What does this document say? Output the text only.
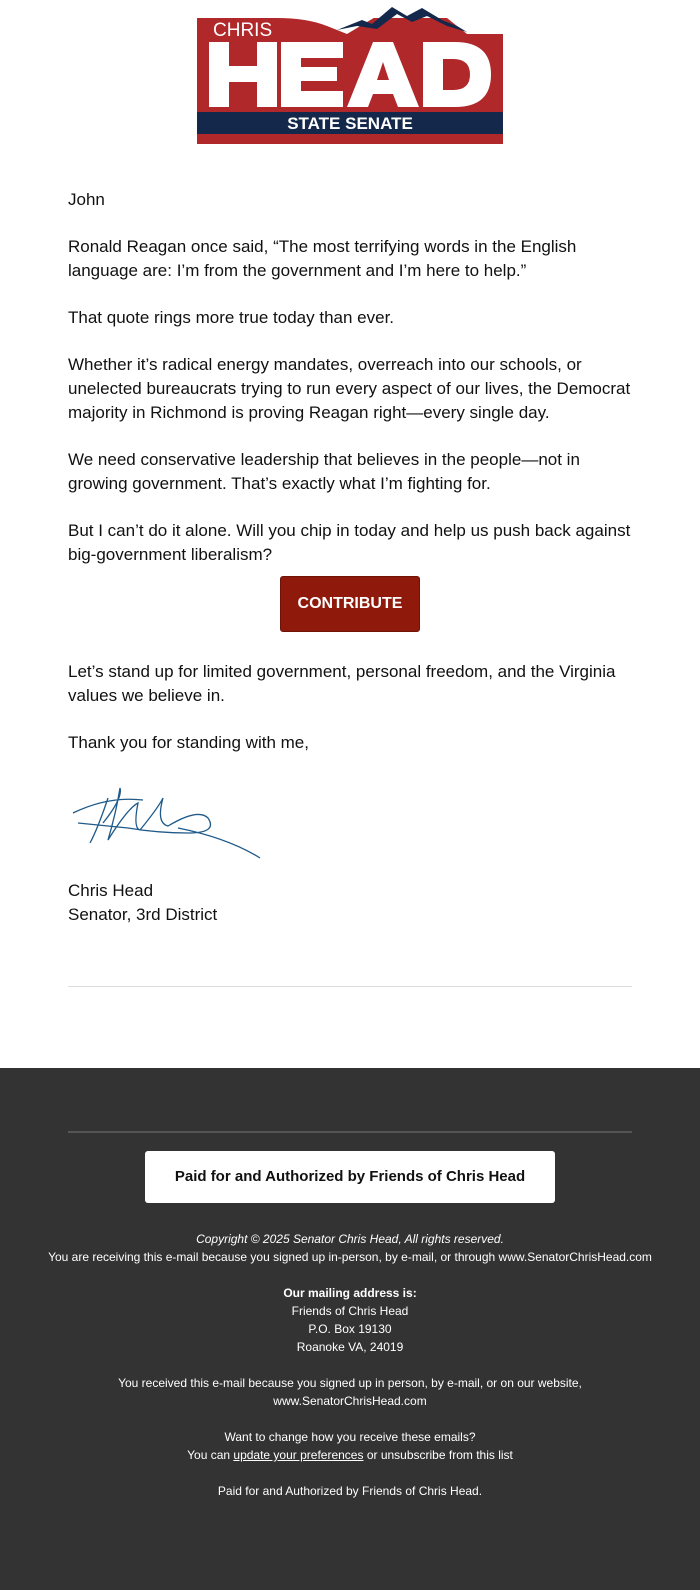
CHRIS
STATE SENATE

John

Ronald Reagan once said, “The most terrifying words in the English language are: I’m from the government and I’m here to help.”

That quote rings more true today than ever.

Whether it’s radical energy mandates, overreach into our schools, or unelected bureaucrats trying to run every aspect of our lives, the Democrat majority in Richmond is proving Reagan right—every single day.

We need conservative leadership that believes in the people—not in growing government. That’s exactly what I’m fighting for.

But I can’t do it alone. Will you chip in today and help us push back against big-government liberalism?

CONTRIBUTE

Let’s stand up for limited government, personal freedom, and the Virginia values we believe in.

Thank you for standing with me,

Chris Head
Senator, 3rd District
Paid for and Authorized by Friends of Chris Head

Copyright © 2025 Senator Chris Head, All rights reserved.
You are receiving this e-mail because you signed up in-person, by e-mail, or through www.SenatorChrisHead.com

Our mailing address is:
Friends of Chris Head
P.O. Box 19130
Roanoke VA, 24019

You received this e-mail because you signed up in person, by e-mail, or on our website, www.SenatorChrisHead.com

Want to change how you receive these emails?
You can update your preferences or unsubscribe from this list

Paid for and Authorized by Friends of Chris Head.
